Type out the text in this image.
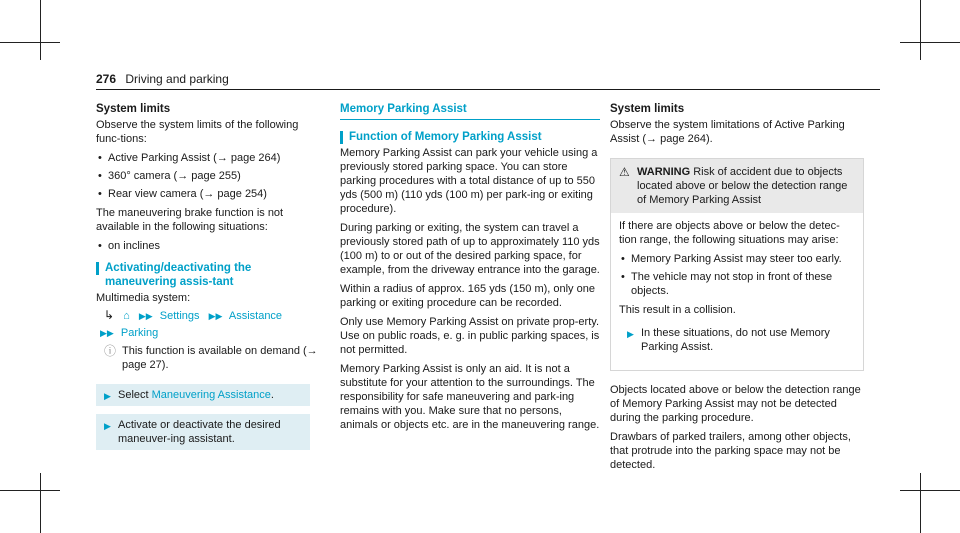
276 Driving and parking
System limits

Observe the system limits of the following func-tions:

• Active Parking Assist (→ page 264)
• 360° camera (→ page 255)
• Rear view camera (→ page 254)

The maneuvering brake function is not available in the following situations:

• on inclines
Activating/deactivating the maneuvering assis-tant

Multimedia system:

↳ ⌂ ▶▶ Settings ▶▶ Assistance
▶▶ Parking
ⓘ This function is available on demand (→ page 27).
▶ Select Maneuvering Assistance.
▶ Activate or deactivate the desired maneuver-ing assistant.
Memory Parking Assist
Function of Memory Parking Assist

Memory Parking Assist can park your vehicle using a previously stored parking space. You can store parking procedures with a total distance of up to 550 yds (500 m) (110 yds (100 m) per park-ing or exiting procedure).

During parking or exiting, the system can travel a previously stored path of up to approximately 110 yds (100 m) to or out of the desired parking space, for example, from the driveway entrance into the garage.

Within a radius of approx. 165 yds (150 m), only one parking or exiting procedure can be recorded.

Only use Memory Parking Assist on private prop-erty. Use on public roads, e. g. in public parking spaces, is not permitted.

Memory Parking Assist is only an aid. It is not a substitute for your attention to the surroundings. The responsibility for safe maneuvering and park-ing remains with you. Make sure that no persons, animals or objects etc. are in the maneuvering range.

System limits

Observe the system limitations of Active Parking Assist (→ page 264).

⚠ WARNING Risk of accident due to objects located above or below the detection range of Memory Parking Assist

If there are objects above or below the detec-tion range, the following situations may arise:

• Memory Parking Assist may steer too early.
• The vehicle may not stop in front of these objects.

This result in a collision.

▶ In these situations, do not use Memory Parking Assist.

Objects located above or below the detection range of Memory Parking Assist may not be detected during the parking procedure.

Drawbars of parked trailers, among other objects, that protrude into the parking space may not be detected.
